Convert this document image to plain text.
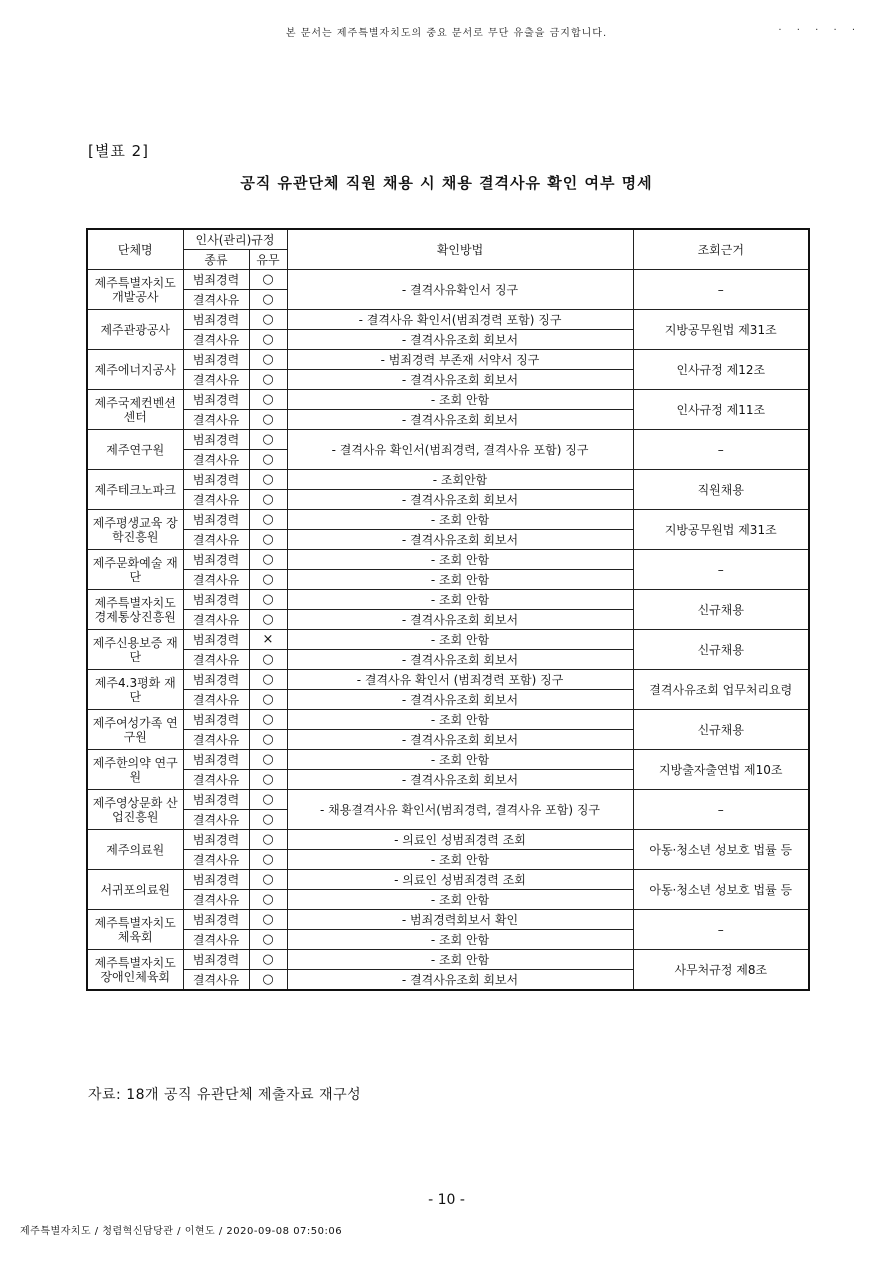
본 문서는 제주특별자치도의 중요 문서로 무단 유출을 금지합니다.
. . . . .
[별표 2]
공직 유관단체 직원 채용 시 채용 결격사유 확인 여부 명세
단체명	인사(관리)규정		확인방법	조회근거
	종류	유무		
제주특별자치도 개발공사	범죄경력	○	- 결격사유확인서 징구	–
	결격사유	○		
제주관광공사	범죄경력	○	- 결격사유 확인서(범죄경력 포함) 징구	지방공무원법 제31조
	결격사유	○	- 결격사유조회 회보서	
제주에너지공사	범죄경력	○	- 범죄경력 부존재 서약서 징구	인사규정 제12조
	결격사유	○	- 결격사유조회 회보서	
제주국제컨벤션 센터	범죄경력	○	- 조회 안함	인사규정 제11조
	결격사유	○	- 결격사유조회 회보서	
제주연구원	범죄경력	○	- 결격사유 확인서(범죄경력, 결격사유 포함) 징구	–
	결격사유	○		
제주테크노파크	범죄경력	○	- 조회안함	직원채용
	결격사유	○	- 결격사유조회 회보서	
제주평생교육 장학진흥원	범죄경력	○	- 조회 안함	지방공무원법 제31조
	결격사유	○	- 결격사유조회 회보서	
제주문화예술 재단	범죄경력	○	- 조회 안함	–
	결격사유	○	- 조회 안함	
제주특별자치도 경제통상진흥원	범죄경력	○	- 조회 안함	신규채용
	결격사유	○	- 결격사유조회 회보서	
제주신용보증 재단	범죄경력	×	- 조회 안함	신규채용
	결격사유	○	- 결격사유조회 회보서	
제주4.3평화 재단	범죄경력	○	- 결격사유 확인서 (범죄경력 포함) 징구	결격사유조회 업무처리요령
	결격사유	○	- 결격사유조회 회보서	
제주여성가족 연구원	범죄경력	○	- 조회 안함	신규채용
	결격사유	○	- 결격사유조회 회보서	
제주한의약 연구원	범죄경력	○	- 조회 안함	지방출자출연법 제10조
	결격사유	○	- 결격사유조회 회보서	
제주영상문화 산업진흥원	범죄경력	○	- 채용결격사유 확인서(범죄경력, 결격사유 포함) 징구	–
	결격사유	○		
제주의료원	범죄경력	○	- 의료인 성범죄경력 조회	아동·청소년 성보호 법률 등
	결격사유	○	- 조회 안함	
서귀포의료원	범죄경력	○	- 의료인 성범죄경력 조회	아동·청소년 성보호 법률 등
	결격사유	○	- 조회 안함	
제주특별자치도 체육회	범죄경력	○	- 범죄경력회보서 확인	–
	결격사유	○	- 조회 안함	
제주특별자치도 장애인체육회	범죄경력	○	- 조회 안함	사무처규정 제8조
	결격사유	○	- 결격사유조회 회보서	
자료: 18개 공직 유관단체 제출자료 재구성
- 10 -
제주특별자치도 / 청렴혁신담당관 / 이현도 / 2020-09-08 07:50:06
